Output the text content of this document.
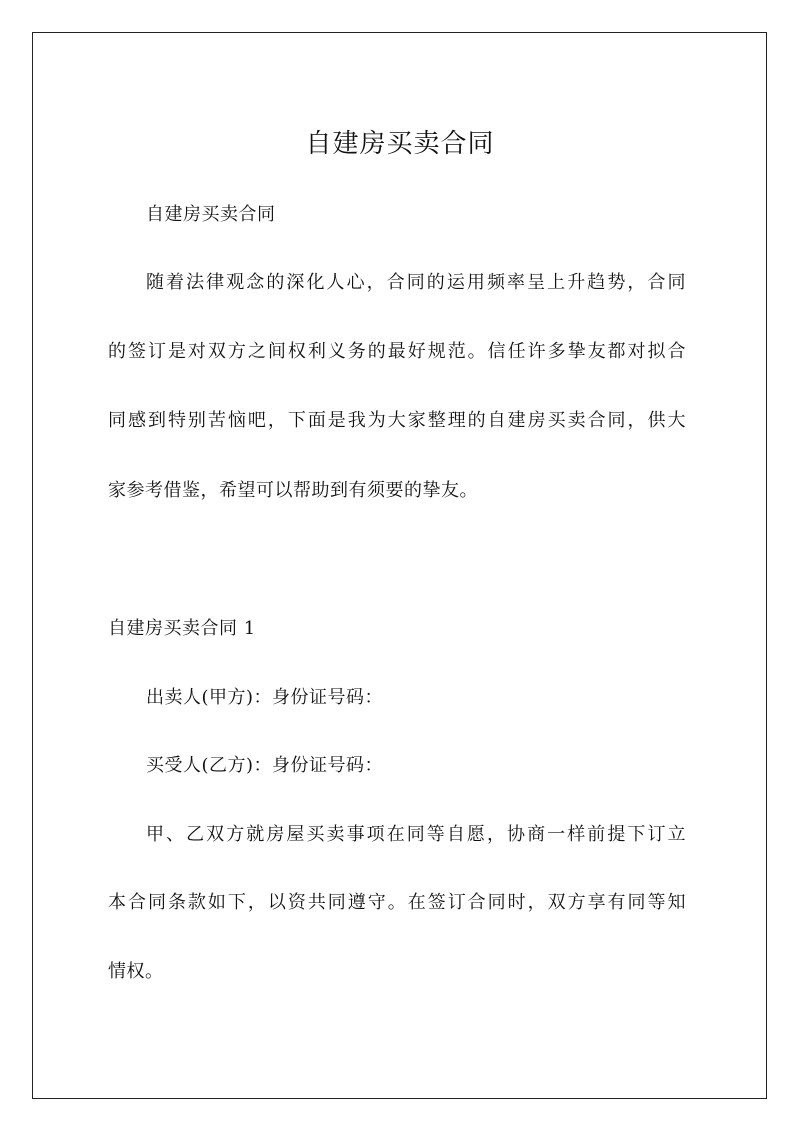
自建房买卖合同
自建房买卖合同
随着法律观念的深化人心，合同的运用频率呈上升趋势，合同
的签订是对双方之间权利义务的最好规范。信任许多挚友都对拟合
同感到特别苦恼吧，下面是我为大家整理的自建房买卖合同，供大
家参考借鉴，希望可以帮助到有须要的挚友。
自建房买卖合同 1
出卖人(甲方)：身份证号码：
买受人(乙方)：身份证号码：
甲、乙双方就房屋买卖事项在同等自愿，协商一样前提下订立
本合同条款如下，以资共同遵守。在签订合同时，双方享有同等知
情权。
